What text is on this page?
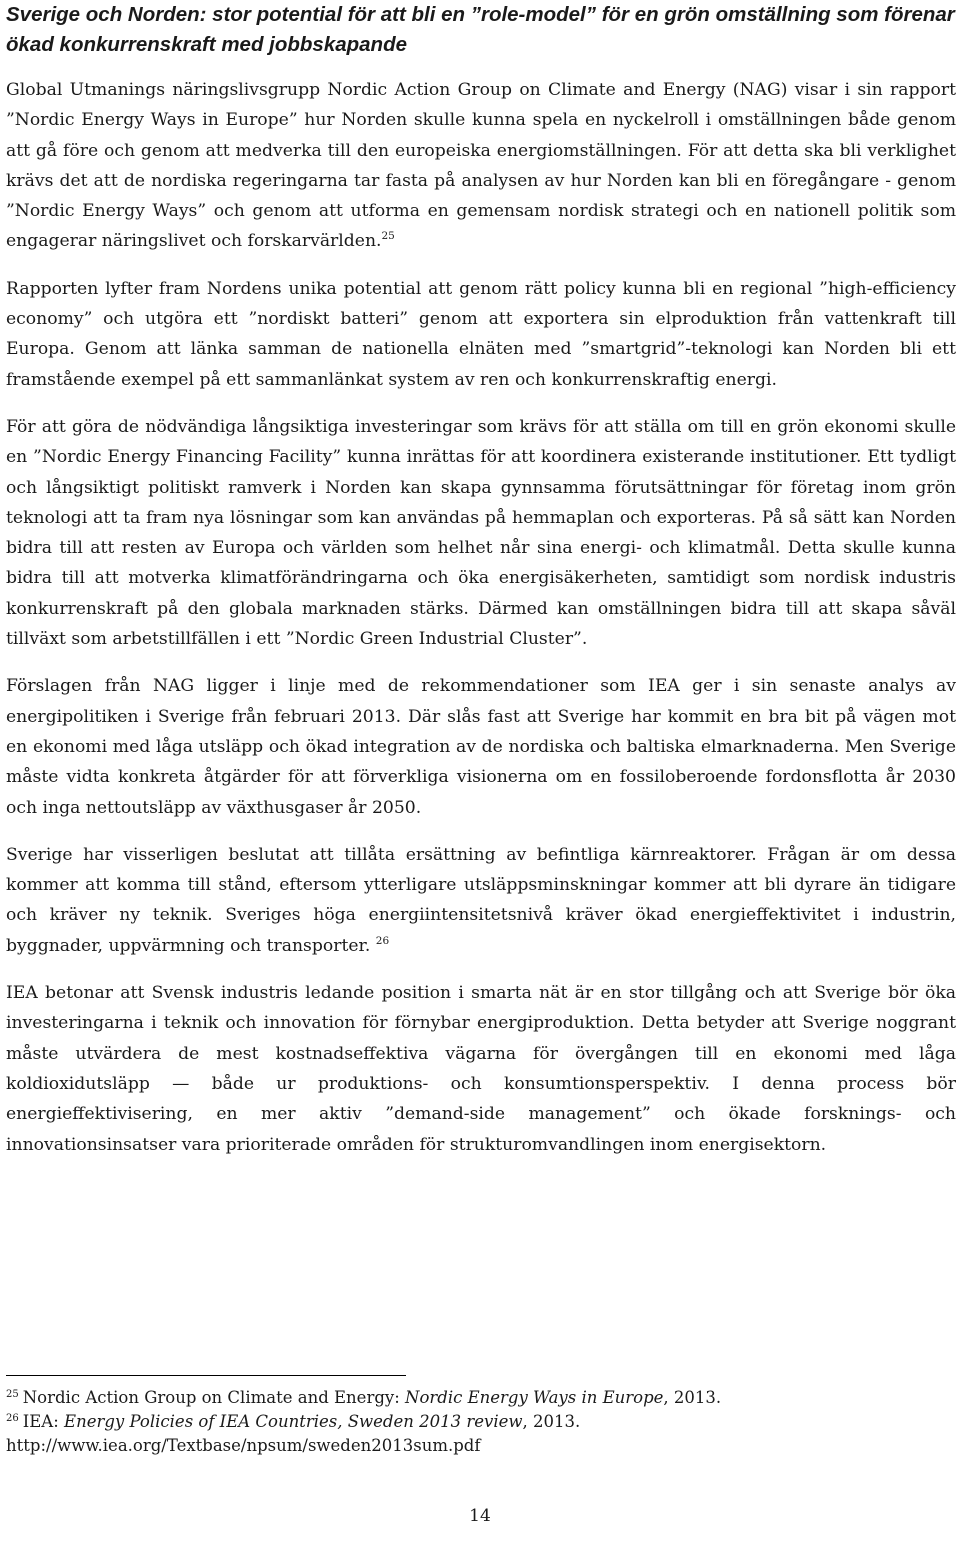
Sverige och Norden: stor potential för att bli en ”role-model” för en grön omställning som förenar ökad konkurrenskraft med jobbskapande

Global Utmanings näringslivsgrupp Nordic Action Group on Climate and Energy (NAG) visar i sin rapport ”Nordic Energy Ways in Europe” hur Norden skulle kunna spela en nyckelroll i omställningen både genom att gå före och genom att medverka till den europeiska energiomställningen. För att detta ska bli verklighet krävs det att de nordiska regeringarna tar fasta på analysen av hur Norden kan bli en föregångare - genom ”Nordic Energy Ways” och genom att utforma en gemensam nordisk strategi och en nationell politik som engagerar näringslivet och forskarvärlden.$^{25}$

Rapporten lyfter fram Nordens unika potential att genom rätt policy kunna bli en regional ”high-efficiency economy” och utgöra ett ”nordiskt batteri” genom att exportera sin elproduktion från vattenkraft till Europa. Genom att länka samman de nationella elnäten med ”smartgrid”-teknologi kan Norden bli ett framstående exempel på ett sammanlänkat system av ren och konkurrenskraftig energi.

För att göra de nödvändiga långsiktiga investeringar som krävs för att ställa om till en grön ekonomi skulle en ”Nordic Energy Financing Facility” kunna inrättas för att koordinera existerande institutioner. Ett tydligt och långsiktigt politiskt ramverk i Norden kan skapa gynnsamma förutsättningar för företag inom grön teknologi att ta fram nya lösningar som kan användas på hemmaplan och exporteras. På så sätt kan Norden bidra till att resten av Europa och världen som helhet når sina energi- och klimatmål. Detta skulle kunna bidra till att motverka klimatförändringarna och öka energisäkerheten, samtidigt som nordisk industris konkurrenskraft på den globala marknaden stärks. Därmed kan omställningen bidra till att skapa såväl tillväxt som arbetstillfällen i ett ”Nordic Green Industrial Cluster”.

Förslagen från NAG ligger i linje med de rekommendationer som IEA ger i sin senaste analys av energipolitiken i Sverige från februari 2013. Där slås fast att Sverige har kommit en bra bit på vägen mot en ekonomi med låga utsläpp och ökad integration av de nordiska och baltiska elmarknaderna. Men Sverige måste vidta konkreta åtgärder för att förverkliga visionerna om en fossiloberoende fordonsflotta år 2030 och inga nettoutsläpp av växthusgaser år 2050.

Sverige har visserligen beslutat att tillåta ersättning av befintliga kärnreaktorer. Frågan är om dessa kommer att komma till stånd, eftersom ytterligare utsläppsminskningar kommer att bli dyrare än tidigare och kräver ny teknik. Sveriges höga energiintensitetsnivå kräver ökad energieffektivitet i industrin, byggnader, uppvärmning och transporter. $^{26}$

IEA betonar att Svensk industris ledande position i smarta nät är en stor tillgång och att Sverige bör öka investeringarna i teknik och innovation för förnybar energiproduktion. Detta betyder att Sverige noggrant måste utvärdera de mest kostnadseffektiva vägarna för övergången till en ekonomi med låga koldioxidutsläpp — både ur produktions- och konsumtionsperspektiv. I denna process bör energieffektivisering, en mer aktiv ”demand-side management” och ökade forsknings- och innovationsinsatser vara prioriterade områden för strukturomvandlingen inom energisektorn.

$^{25}$ Nordic Action Group on Climate and Energy: Nordic Energy Ways in Europe, 2013.

$^{26}$ IEA: Energy Policies of IEA Countries, Sweden 2013 review, 2013.

http://www.iea.org/Textbase/npsum/sweden2013sum.pdf

14
